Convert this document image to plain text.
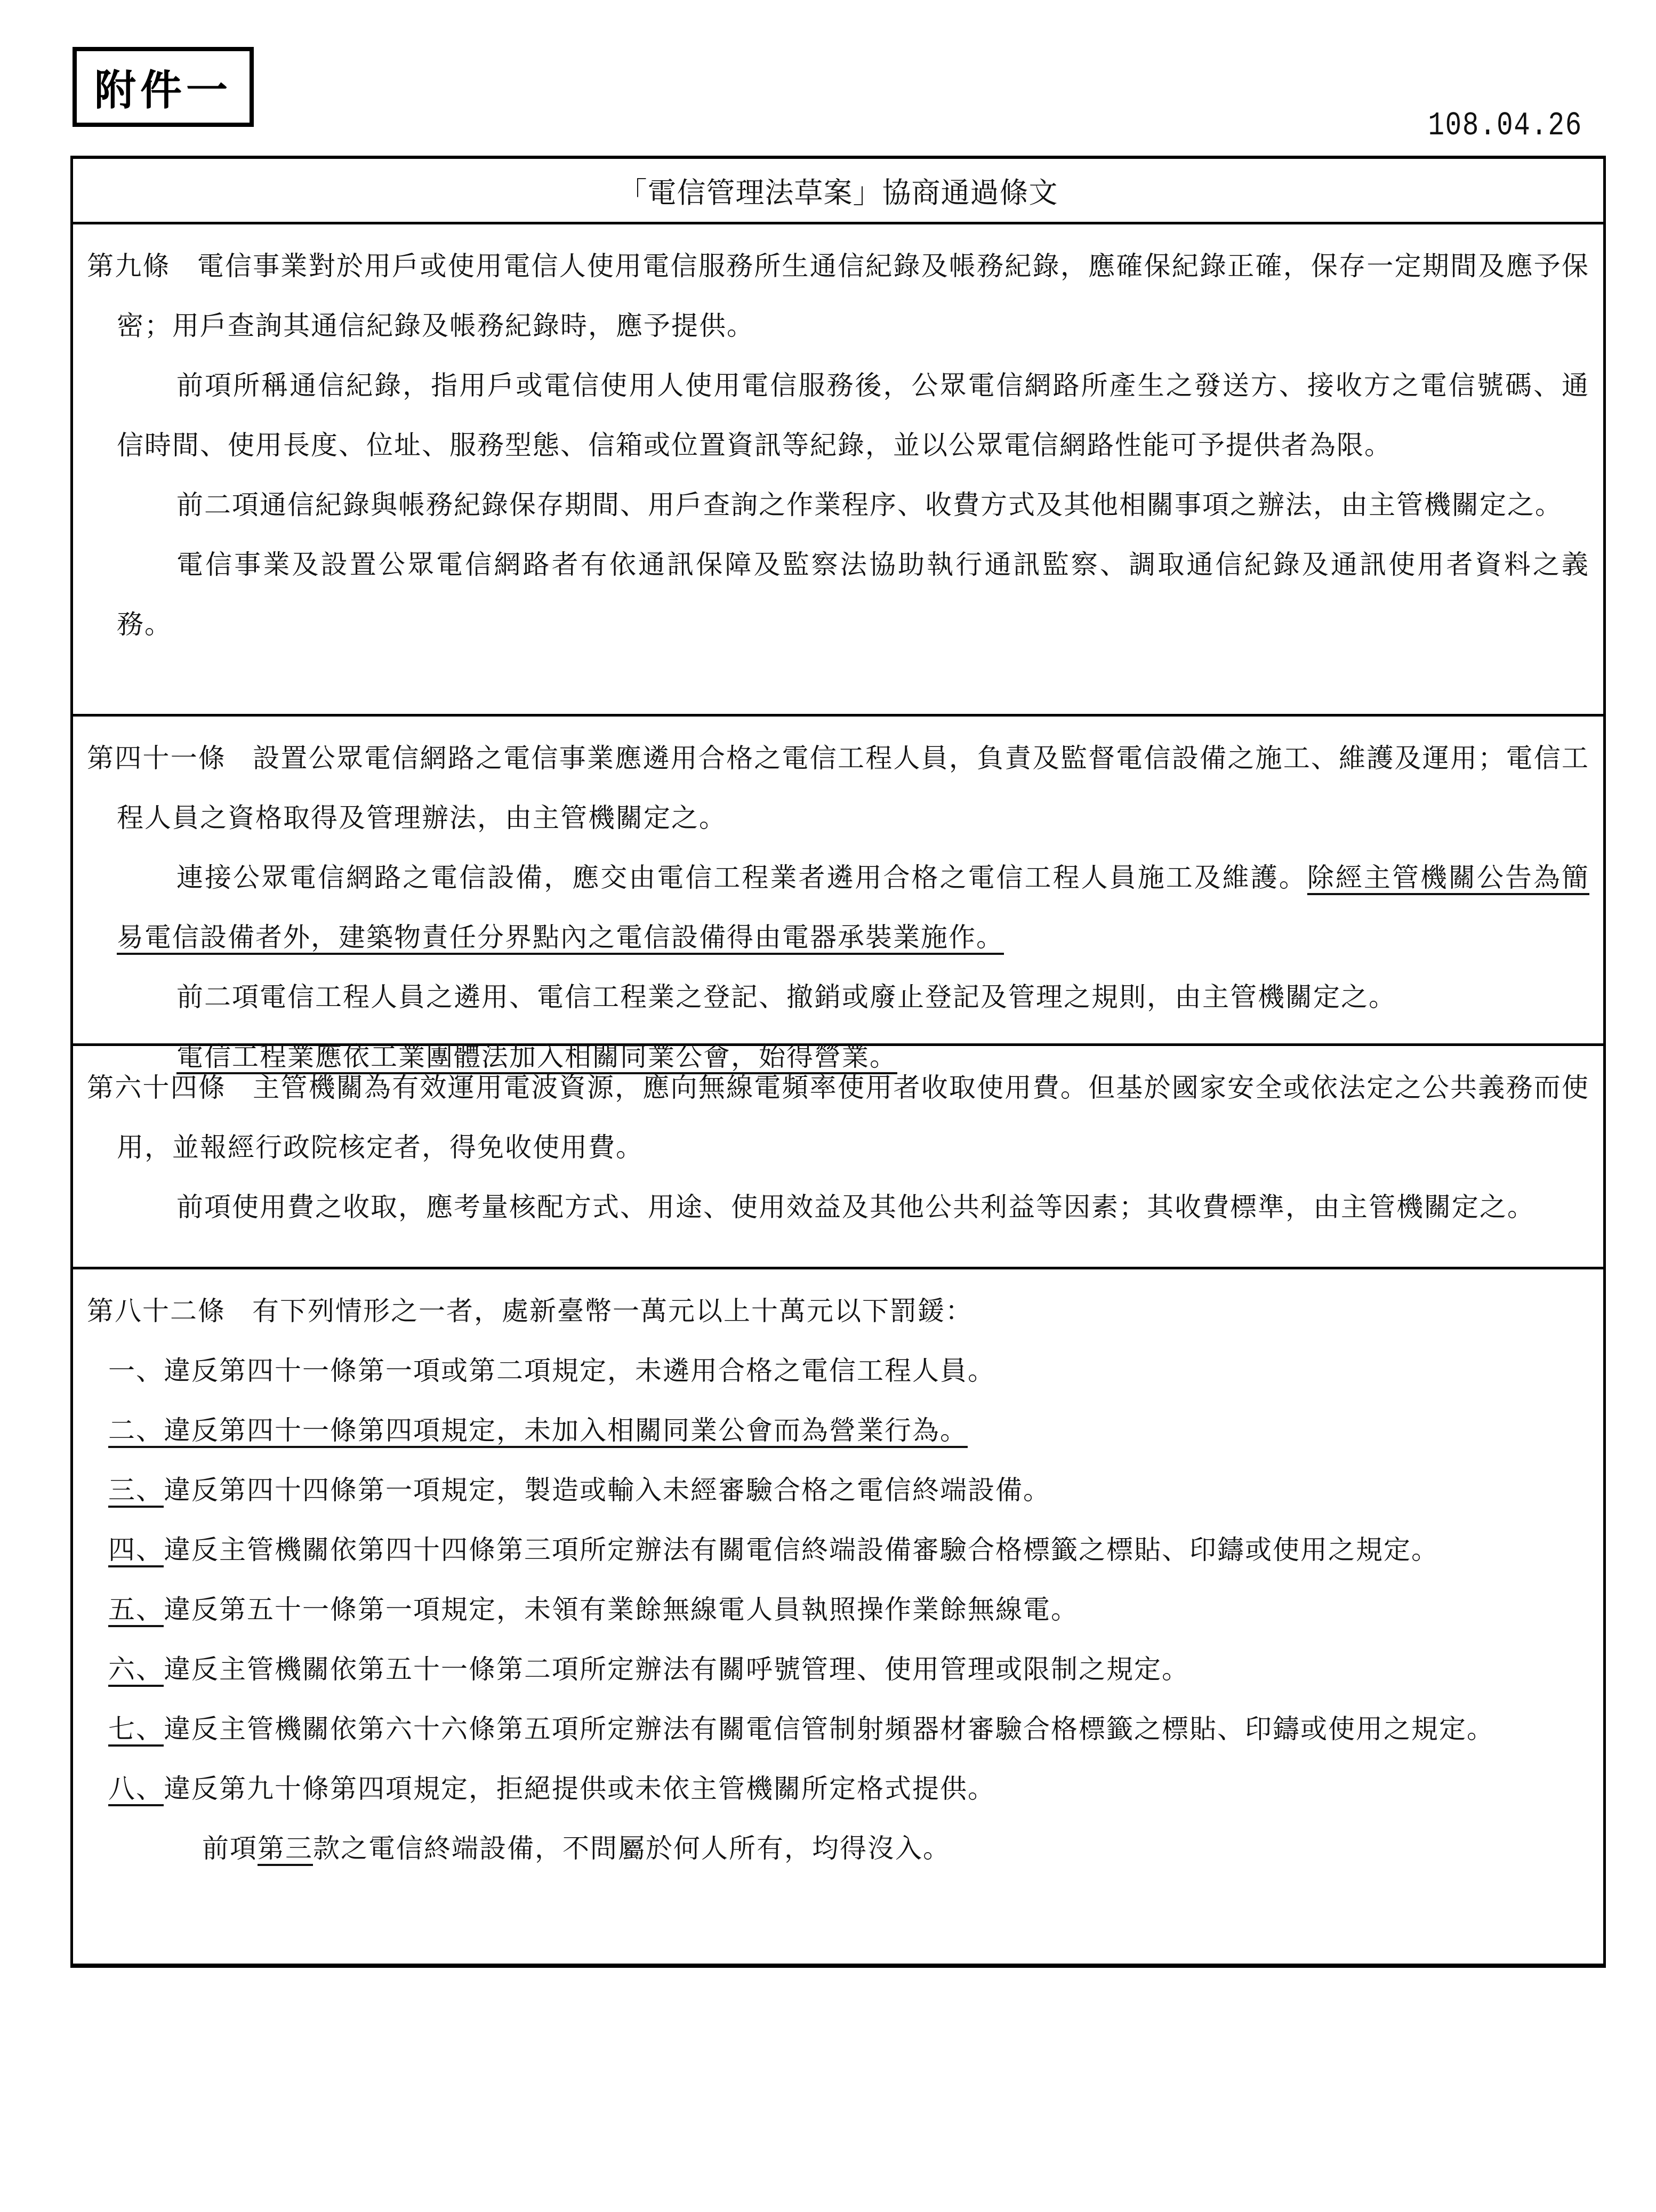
附件一
108.04.26
「電信管理法草案」協商通過條文

第九條 電信事業對於用戶或使用電信人使用電信服務所生通信紀錄及帳務紀錄，應確保紀錄正確，保存一定期間及應予保密；用戶查詢其通信紀錄及帳務紀錄時，應予提供。

前項所稱通信紀錄，指用戶或電信使用人使用電信服務後，公眾電信網路所產生之發送方、接收方之電信號碼、通信時間、使用長度、位址、服務型態、信箱或位置資訊等紀錄，並以公眾電信網路性能可予提供者為限。

前二項通信紀錄與帳務紀錄保存期間、用戶查詢之作業程序、收費方式及其他相關事項之辦法，由主管機關定之。

電信事業及設置公眾電信網路者有依通訊保障及監察法協助執行通訊監察、調取通信紀錄及通訊使用者資料之義務。

第四十一條 設置公眾電信網路之電信事業應遴用合格之電信工程人員，負責及監督電信設備之施工、維護及運用；電信工程人員之資格取得及管理辦法，由主管機關定之。

連接公眾電信網路之電信設備，應交由電信工程業者遴用合格之電信工程人員施工及維護。除經主管機關公告為簡易電信設備者外，建築物責任分界點內之電信設備得由電器承裝業施作。

前二項電信工程人員之遴用、電信工程業之登記、撤銷或廢止登記及管理之規則，由主管機關定之。

電信工程業應依工業團體法加入相關同業公會，始得營業。

第六十四條 主管機關為有效運用電波資源，應向無線電頻率使用者收取使用費。但基於國家安全或依法定之公共義務而使用，並報經行政院核定者，得免收使用費。

前項使用費之收取，應考量核配方式、用途、使用效益及其他公共利益等因素；其收費標準，由主管機關定之。

第八十二條 有下列情形之一者，處新臺幣一萬元以上十萬元以下罰鍰：

一、違反第四十一條第一項或第二項規定，未遴用合格之電信工程人員。

二、違反第四十一條第四項規定，未加入相關同業公會而為營業行為。

三、違反第四十四條第一項規定，製造或輸入未經審驗合格之電信終端設備。

四、違反主管機關依第四十四條第三項所定辦法有關電信終端設備審驗合格標籤之標貼、印鑄或使用之規定。

五、違反第五十一條第一項規定，未領有業餘無線電人員執照操作業餘無線電。

六、違反主管機關依第五十一條第二項所定辦法有關呼號管理、使用管理或限制之規定。

七、違反主管機關依第六十六條第五項所定辦法有關電信管制射頻器材審驗合格標籤之標貼、印鑄或使用之規定。

八、違反第九十條第四項規定，拒絕提供或未依主管機關所定格式提供。

前項第三款之電信終端設備，不問屬於何人所有，均得沒入。
